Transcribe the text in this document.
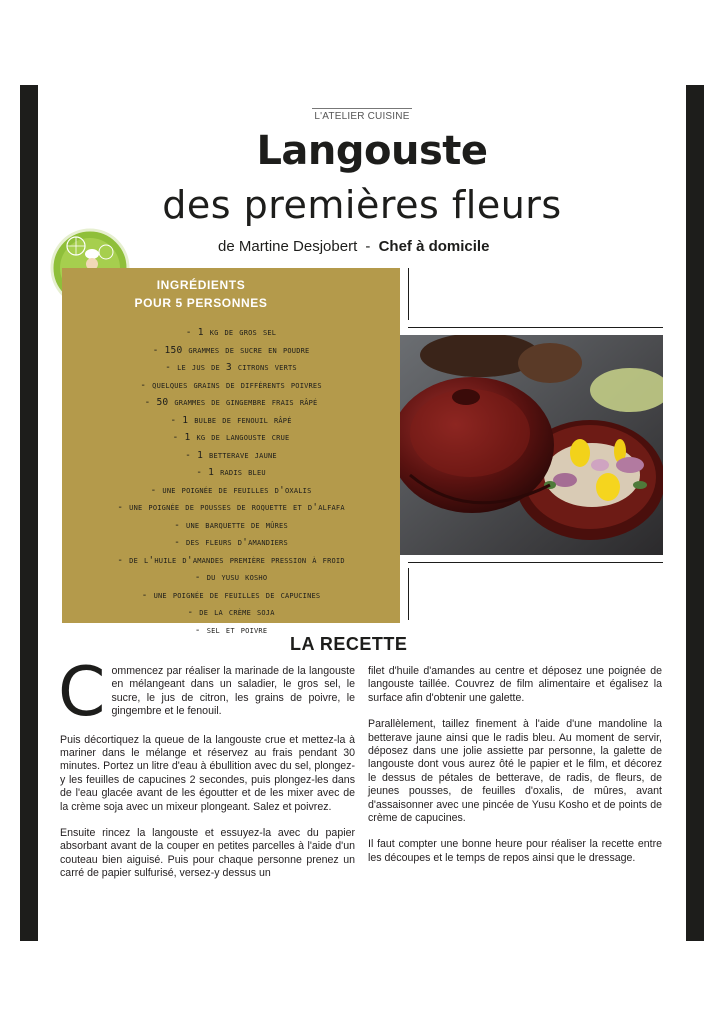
L'ATELIER CUISINE
Langouste
des premières fleurs
de Martine Desjobert - Chef à domicile
INGRÉDIENTS
POUR 5 PERSONNES
- 1 kg de gros sel
- 150 grammes de sucre en poudre
- le jus de 3 citrons verts
- quelques grains de différents poivres
- 50 grammes de gingembre frais râpé
- 1 bulbe de fenouil râpé
- 1 kg de langouste crue
- 1 betterave jaune
- 1 radis bleu
- une poignée de feuilles d'oxalis
- une poignée de pousses de roquette et d'alfafa
- une barquette de mûres
- des fleurs d'amandiers
- de l'huile d'amandes première pression à froid
- du yusu kosho
- une poignée de feuilles de capucines
- de la crème soja
- sel et poivre
LA RECETTE

C ommencez par réaliser la marinade de la langouste en mélangeant dans un saladier, le gros sel, le sucre, le jus de citron, les grains de poivre, le gingembre et le fenouil.

Puis décortiquez la queue de la langouste crue et mettez-la à mariner dans le mélange et réservez au frais pendant 30 minutes. Portez un litre d'eau à ébullition avec du sel, plongez-y les feuilles de capucines 2 secondes, puis plongez-les dans de l'eau glacée avant de les égoutter et de les mixer avec de la crème soja avec un mixeur plongeant. Salez et poivrez.

Ensuite rincez la langouste et essuyez-la avec du papier absorbant avant de la couper en petites parcelles à l'aide d'un couteau bien aiguisé. Puis pour chaque personne prenez un carré de papier sulfurisé, versez-y dessus un

filet d'huile d'amandes au centre et déposez une poignée de langouste taillée. Couvrez de film alimentaire et égalisez la surface afin d'obtenir une galette.

Parallèlement, taillez finement à l'aide d'une mandoline la betterave jaune ainsi que le radis bleu. Au moment de servir, déposez dans une jolie assiette par personne, la galette de langouste dont vous aurez ôté le papier et le film, et décorez le dessus de pétales de betterave, de radis, de fleurs, de jeunes pousses, de feuilles d'oxalis, de mûres, avant d'assaisonner avec une pincée de Yusu Kosho et de points de crème de capucines.

Il faut compter une bonne heure pour réaliser la recette entre les découpes et le temps de repos ainsi que le dressage.
